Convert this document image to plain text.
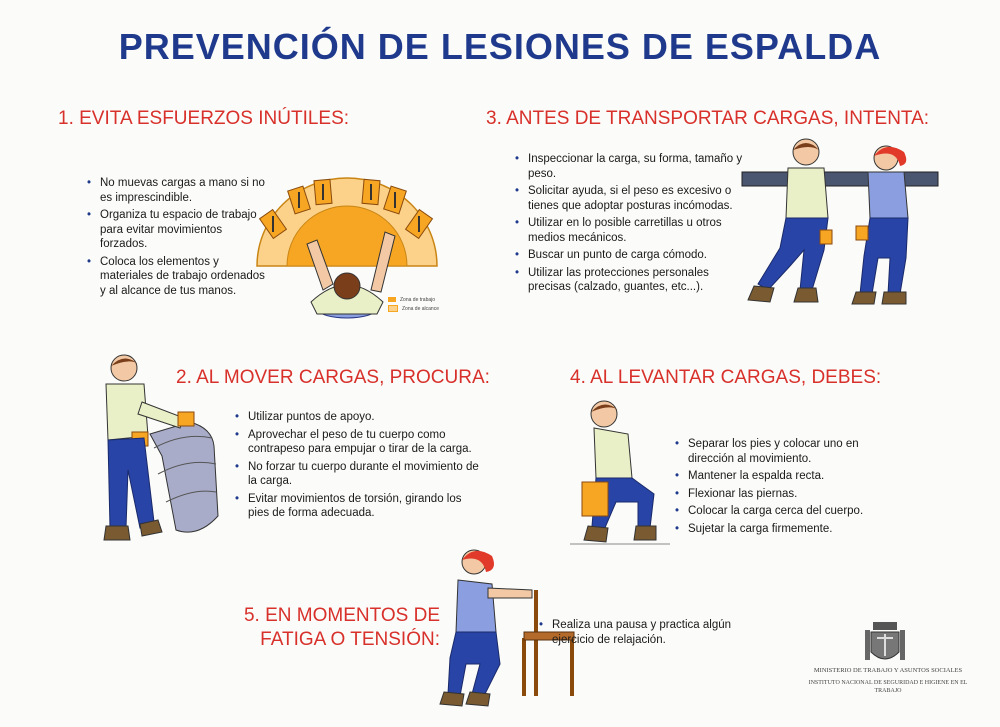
PREVENCIÓN DE LESIONES DE ESPALDA
1. EVITA ESFUERZOS INÚTILES:
• No muevas cargas a mano si no es imprescindible.
• Organiza tu espacio de trabajo para evitar movimientos forzados.
• Coloca los elementos y materiales de trabajo ordenados y al alcance de tus manos.
Zona de trabajo
Zona de alcance
3. ANTES DE TRANSPORTAR CARGAS, INTENTA:
• Inspeccionar la carga, su forma, tamaño y peso.
• Solicitar ayuda, si el peso es excesivo o tienes que adoptar posturas incómodas.
• Utilizar en lo posible carretillas u otros medios mecánicos.
• Buscar un punto de carga cómodo.
• Utilizar las protecciones personales precisas (calzado, guantes, etc...).
2. AL MOVER CARGAS, PROCURA:
• Utilizar puntos de apoyo.
• Aprovechar el peso de tu cuerpo como contrapeso para empujar o tirar de la carga.
• No forzar tu cuerpo durante el movimiento de la carga.
• Evitar movimientos de torsión, girando los pies de forma adecuada.
4. AL LEVANTAR CARGAS, DEBES:
• Separar los pies y colocar uno en dirección al movimiento.
• Mantener la espalda recta.
• Flexionar las piernas.
• Colocar la carga cerca del cuerpo.
• Sujetar la carga firmemente.
5. EN MOMENTOS DE FATIGA O TENSIÓN:
• Realiza una pausa y practica algún ejercicio de relajación.
MINISTERIO DE TRABAJO Y ASUNTOS SOCIALES
INSTITUTO NACIONAL DE SEGURIDAD E HIGIENE EN EL TRABAJO
